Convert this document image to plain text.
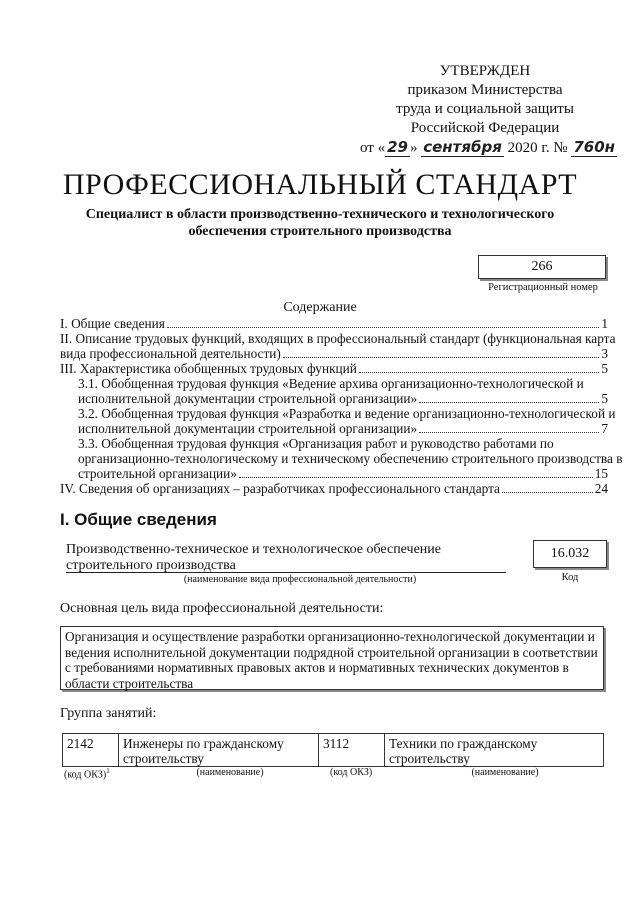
УТВЕРЖДЕН
приказом Министерства
труда и социальной защиты
Российской Федерации
от « 29 » сентября 2020 г. № 760н
ПРОФЕССИОНАЛЬНЫЙ СТАНДАРТ
Специалист в области производственно-технического и технологического
обеспечения строительного производства
266
Регистрационный номер
Содержание
I. Общие сведения	1
II. Описание трудовых функций, входящих в профессиональный стандарт (функциональная карта
вида профессиональной деятельности)	3
III. Характеристика обобщенных трудовых функций	5
3.1. Обобщенная трудовая функция «Ведение архива организационно-технологической и
исполнительной документации строительной организации»	5
3.2. Обобщенная трудовая функция «Разработка и ведение организационно-технологической и
исполнительной документации строительной организации»	7
3.3. Обобщенная трудовая функция «Организация работ и руководство работами по
организационно-технологическому и техническому обеспечению строительного производства в
строительной организации»	15
IV. Сведения об организациях – разработчиках профессионального стандарта	24
I. Общие сведения
Производственно-техническое и технологическое обеспечение
строительного производства
(наименование вида профессиональной деятельности)
16.032
Код
Основная цель вида профессиональной деятельности:
Организация и осуществление разработки организационно-технологической документации и ведения исполнительной документации подрядной строительной организации в соответствии с требованиями нормативных правовых актов и нормативных технических документов в области строительства
Группа занятий:
2142	Инженеры по гражданскому строительству	3112	Техники по гражданскому строительству
(код ОКЗ)$^1$	(наименование)	(код ОКЗ)	(наименование)
